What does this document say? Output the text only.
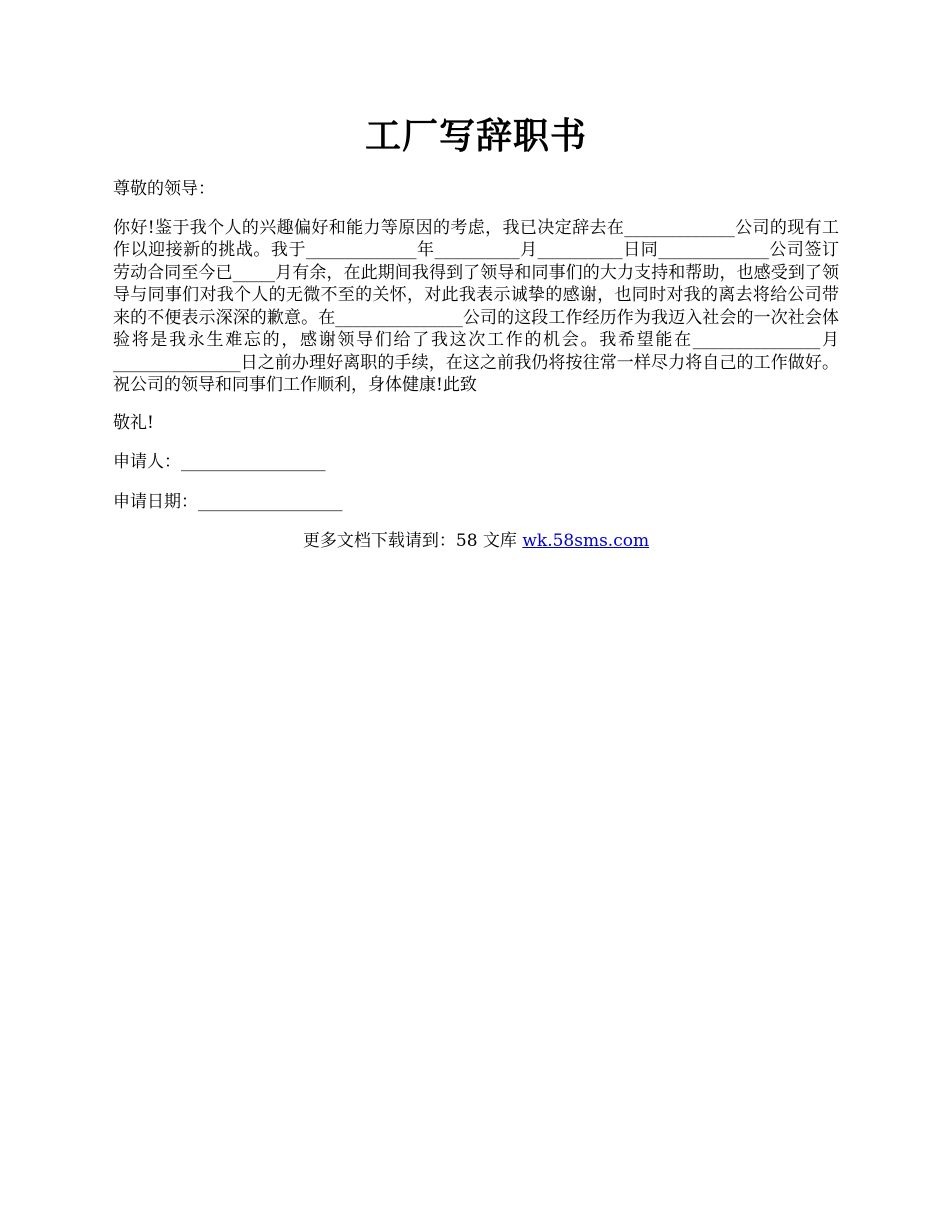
工厂写辞职书
尊敬的领导：
你好!鉴于我个人的兴趣偏好和能力等原因的考虑，我已决定辞去在_____________公司的现有工作以迎接新的挑战。我于_____________年__________月__________日同_____________公司签订劳动合同至今已_____月有余，在此期间我得到了领导和同事们的大力支持和帮助，也感受到了领导与同事们对我个人的无微不至的关怀，对此我表示诚挚的感谢，也同时对我的离去将给公司带来的不便表示深深的歉意。在_______________公司的这段工作经历作为我迈入社会的一次社会体验将是我永生难忘的，感谢领导们给了我这次工作的机会。我希望能在_______________月_______________日之前办理好离职的手续，在这之前我仍将按往常一样尽力将自己的工作做好。祝公司的领导和同事们工作顺利，身体健康!此致
敬礼!
申请人：_________________
申请日期：_________________
更多文档下载请到：58 文库 wk.58sms.com
